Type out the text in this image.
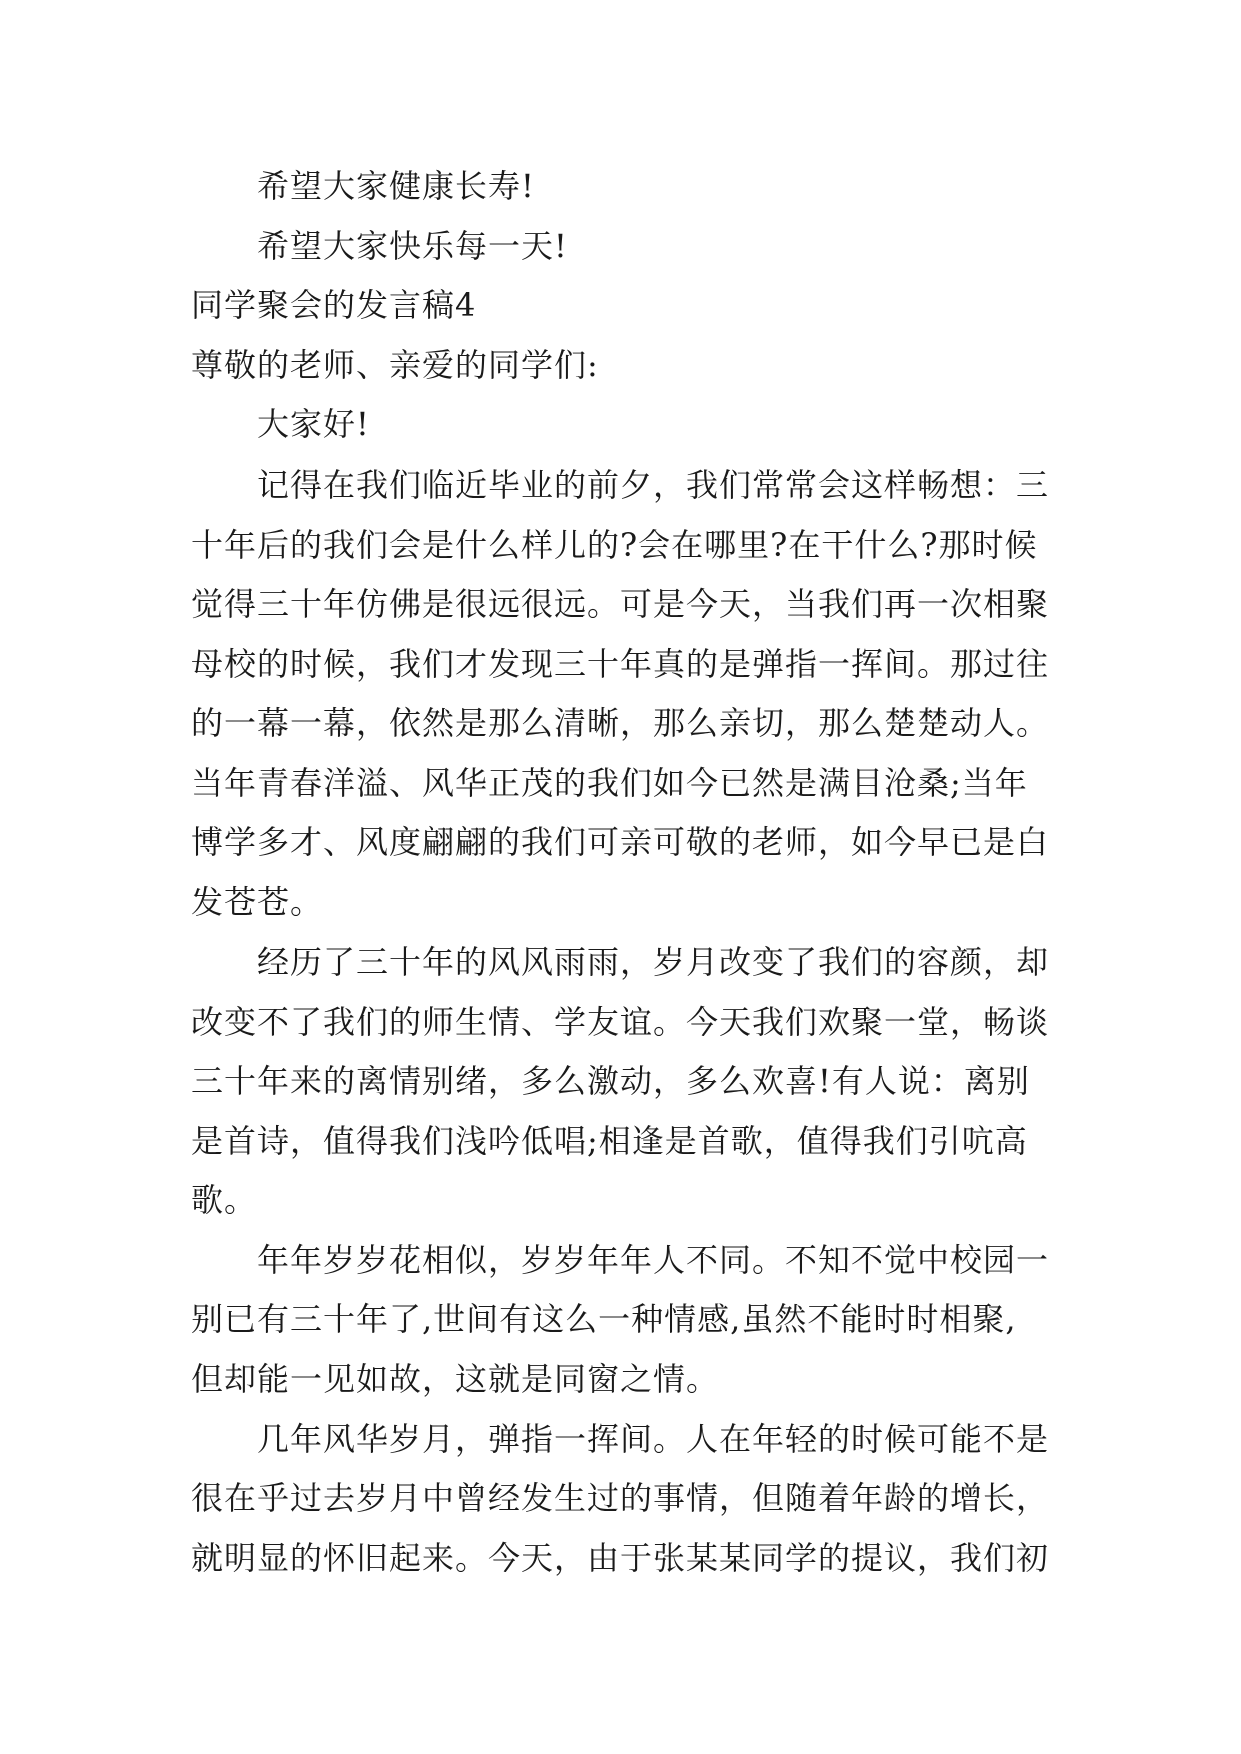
希望大家健康长寿!
希望大家快乐每一天!
同学聚会的发言稿4
尊敬的老师、亲爱的同学们:
大家好!
记得在我们临近毕业的前夕，我们常常会这样畅想：三
十年后的我们会是什么样儿的?会在哪里?在干什么?那时候
觉得三十年仿佛是很远很远。可是今天，当我们再一次相聚
母校的时候，我们才发现三十年真的是弹指一挥间。那过往
的一幕一幕，依然是那么清晰，那么亲切，那么楚楚动人。
当年青春洋溢、风华正茂的我们如今已然是满目沧桑;当年
博学多才、风度翩翩的我们可亲可敬的老师，如今早已是白
发苍苍。
经历了三十年的风风雨雨，岁月改变了我们的容颜，却
改变不了我们的师生情、学友谊。今天我们欢聚一堂，畅谈
三十年来的离情别绪，多么激动，多么欢喜!有人说：离别
是首诗，值得我们浅吟低唱;相逢是首歌，值得我们引吭高
歌。
年年岁岁花相似，岁岁年年人不同。不知不觉中校园一
别已有三十年了,世间有这么一种情感,虽然不能时时相聚,
但却能一见如故，这就是同窗之情。
几年风华岁月，弹指一挥间。人在年轻的时候可能不是
很在乎过去岁月中曾经发生过的事情，但随着年龄的增长，
就明显的怀旧起来。今天，由于张某某同学的提议，我们初
